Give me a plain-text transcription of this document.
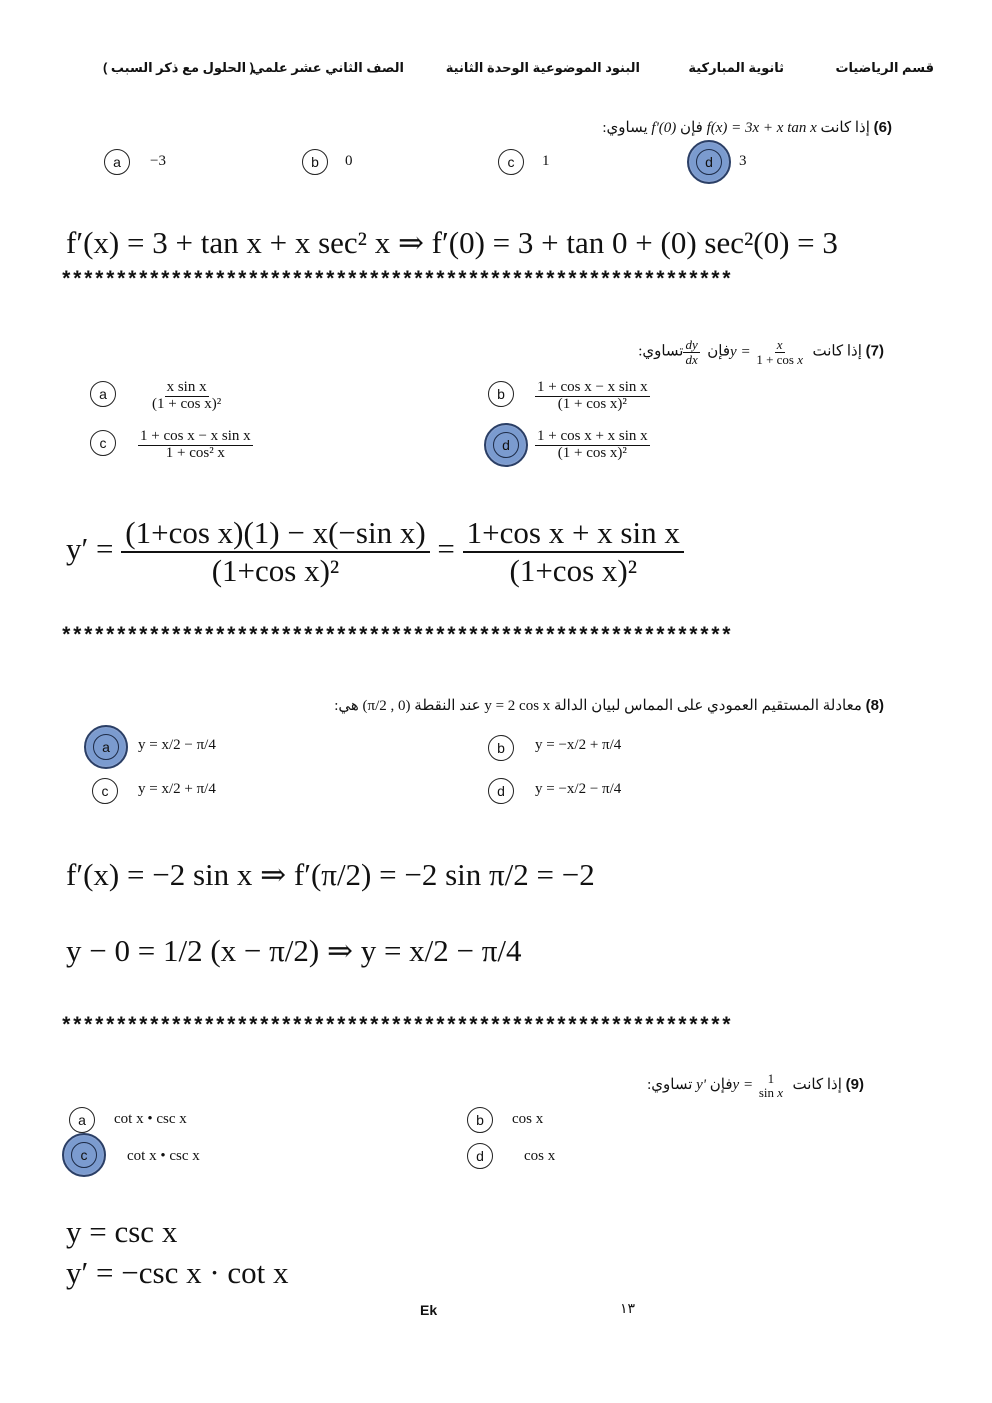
قسم الرياضيات
ثانوية المباركية
البنود الموضوعية الوحدة الثانية
الصف الثاني عشر علمي
( الحلول مع ذكر السبب )
(6) إذا كانت f(x) = 3x + x tan x فإن f'(0) يساوي:
a	−3	b	0	c	1	d	3
f′(x) = 3 + tan x + x sec² x ⇒ f′(0) = 3 + tan 0 + (0) sec²(0) = 3
*************************************************************
(7) إذا كانت $y = \frac{x}{\text{1 + cos x}}$
فإن
$\frac{dy}{dx}$
تساوي:
a	$\frac{\text{x sin x}}{\text{(1 + cos x)²}}$	b	$\frac{\text{1 + cos x − x sin x}}{\text{(1 + cos x)²}}$
c	$\frac{\text{1 + cos x − x sin x}}{\text{1 + cos² x}}$	d	$\frac{\text{1 + cos x + x sin x}}{\text{(1 + cos x)²}}$
$y' = \frac{\text{(1+cos x)(1) − x(−sin x)}}{\text{(1+cos x)²}} = \frac{\text{1+cos x + x sin x}}{\text{(1+cos x)²}}$
*************************************************************
(8) معادلة المستقيم العمودي على المماس لبيان الدالة y = 2 cos x عند النقطة (π/2 , 0) هي:
a	y = x/2 − π/4	b	y = −x/2 + π/4
c	y = x/2 + π/4	d	y = −x/2 − π/4
f′(x) = −2 sin x ⇒ f′(π/2) = −2 sin π/2 = −2
y − 0 = 1/2 (x − π/2) ⇒ y = x/2 − π/4
*************************************************************
(9) إذا كانت y = 1
sin x
فإن y' تساوي:
a	cot x • csc x	b	cos x
c	cot x • csc x	d	cos x
y = csc x
y′ = −csc x · cot x
Ek	١٣
